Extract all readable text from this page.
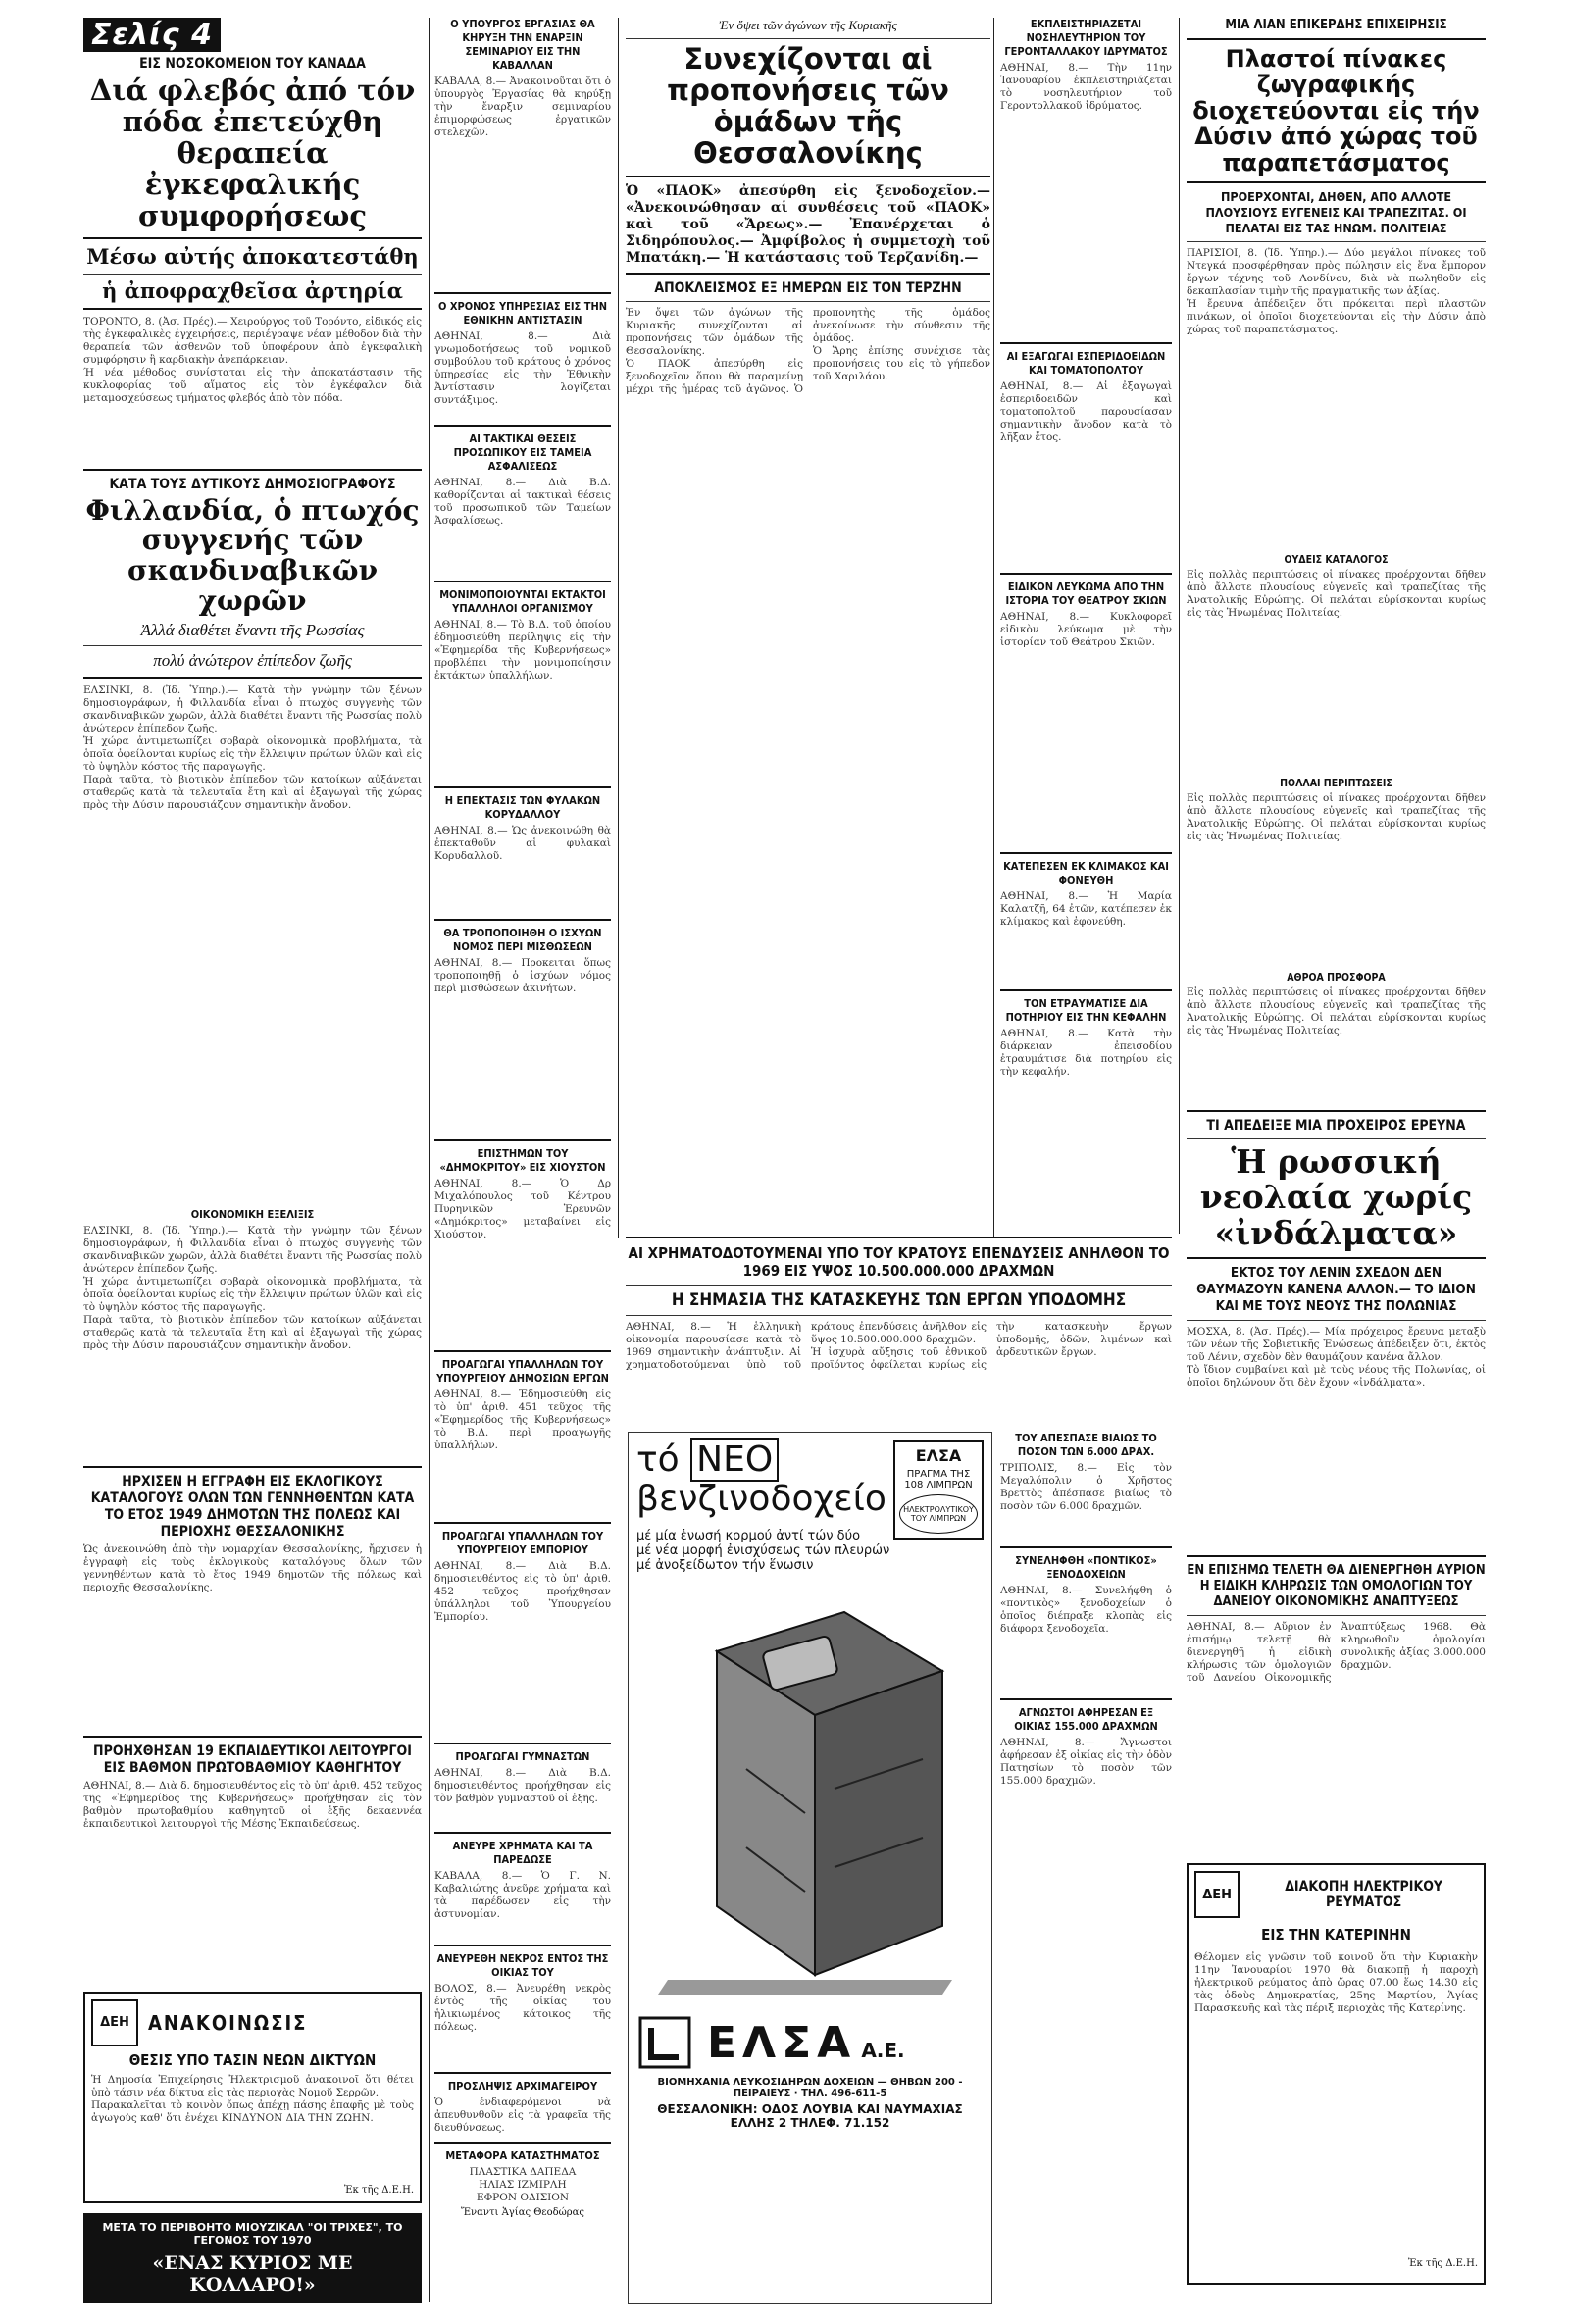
Σελίς 4
ΕΙΣ ΝΟΣΟΚΟΜΕΙΟΝ ΤΟΥ ΚΑΝΑΔΑ
Διά φλεβός ἀπό τόν πόδα ἐπετεύχθη θεραπεία ἐγκεφαλικής συμφορήσεως
Μέσω αὐτής ἀποκατεστάθη
ἡ ἀποφραχθεῖσα ἀρτηρία
ΤΟΡΟΝΤΟ, 8. (Ἀσ. Πρές).— Χειρούργος τοῦ Τορόντο, εἰδικός εἰς τὴς ἐγκεφαλικὲς ἐγχειρήσεις, περιέγραψε νέαν μέθοδον διὰ τὴν θεραπεία τῶν ἀσθενῶν τοῦ ὑποφέρουν ἀπὸ ἐγκεφαλικὴ συμφόρησιν ἢ καρδιακὴν ἀνεπάρκειαν.
Ή νέα μέθοδος συνίσταται εἰς τὴν ἀποκατάστασιν τῆς κυκλοφορίας τοῦ αἵματος εἰς τὸν ἐγκέφαλον διὰ μεταμοσχεύσεως τμήματος φλεβός ἀπὸ τὸν πόδα.
ΚΑΤΑ ΤΟΥΣ ΔΥΤΙΚΟΥΣ ΔΗΜΟΣΙΟΓΡΑΦΟΥΣ
Φιλλανδία, ὁ πτωχός συγγενής τῶν σκανδιναβικῶν χωρῶν
Ἀλλά διαθέτει ἔναντι τῆς Ρωσσίας
πολύ ἀνώτερον ἐπίπεδον ζωῆς
ΕΛΣΙΝΚΙ, 8. (Ἰδ. Ὑπηρ.).— Κατὰ τὴν γνώμην τῶν ξένων δημοσιογράφων, ἡ Φιλλανδία εἶναι ὁ πτωχὸς συγγενὴς τῶν σκανδιναβικῶν χωρῶν, ἀλλὰ διαθέτει ἔναντι τῆς Ρωσσίας πολὺ ἀνώτερον ἐπίπεδον ζωῆς.
Ἡ χώρα ἀντιμετωπίζει σοβαρὰ οἰκονομικὰ προβλήματα, τὰ ὁποῖα ὀφείλονται κυρίως εἰς τὴν ἔλλειψιν πρώτων ὑλῶν καὶ εἰς τὸ ὑψηλὸν κόστος τῆς παραγωγῆς.
Παρὰ ταῦτα, τὸ βιοτικὸν ἐπίπεδον τῶν κατοίκων αὐξάνεται σταθερῶς κατὰ τὰ τελευταῖα ἔτη καὶ αἱ ἐξαγωγαὶ τῆς χώρας πρὸς τὴν Δύσιν παρουσιάζουν σημαντικὴν ἄνοδον.
ΟΙΚΟΝΟΜΙΚΗ ΕΞΕΛΙΞΙΣ
ΕΛΣΙΝΚΙ, 8. (Ἰδ. Ὑπηρ.).— Κατὰ τὴν γνώμην τῶν ξένων δημοσιογράφων, ἡ Φιλλανδία εἶναι ὁ πτωχὸς συγγενὴς τῶν σκανδιναβικῶν χωρῶν, ἀλλὰ διαθέτει ἔναντι τῆς Ρωσσίας πολὺ ἀνώτερον ἐπίπεδον ζωῆς.
Ἡ χώρα ἀντιμετωπίζει σοβαρὰ οἰκονομικὰ προβλήματα, τὰ ὁποῖα ὀφείλονται κυρίως εἰς τὴν ἔλλειψιν πρώτων ὑλῶν καὶ εἰς τὸ ὑψηλὸν κόστος τῆς παραγωγῆς.
Παρὰ ταῦτα, τὸ βιοτικὸν ἐπίπεδον τῶν κατοίκων αὐξάνεται σταθερῶς κατὰ τὰ τελευταῖα ἔτη καὶ αἱ ἐξαγωγαὶ τῆς χώρας πρὸς τὴν Δύσιν παρουσιάζουν σημαντικὴν ἄνοδον.
ΗΡΧΙΣΕΝ Η ΕΓΓΡΑΦΗ ΕΙΣ ΕΚΛΟΓΙΚΟΥΣ ΚΑΤΑΛΟΓΟΥΣ ΟΛΩΝ ΤΩΝ ΓΕΝΝΗΘΕΝΤΩΝ ΚΑΤΑ ΤΟ ΕΤΟΣ 1949 ΔΗΜΟΤΩΝ ΤΗΣ ΠΟΛΕΩΣ ΚΑΙ ΠΕΡΙΟΧΗΣ ΘΕΣΣΑΛΟΝΙΚΗΣ
Ὡς ἀνεκοινώθη ἀπὸ τὴν νομαρχίαν Θεσσαλονίκης, ἤρχισεν ἡ ἐγγραφὴ εἰς τοὺς ἐκλογικοὺς καταλόγους ὅλων τῶν γεννηθέντων κατὰ τὸ ἔτος 1949 δημοτῶν τῆς πόλεως καὶ περιοχῆς Θεσσαλονίκης.
ΠΡΟΗΧΘΗΣΑΝ 19 ΕΚΠΑΙΔΕΥΤΙΚΟΙ ΛΕΙΤΟΥΡΓΟΙ ΕΙΣ ΒΑΘΜΟΝ ΠΡΩΤΟΒΑΘΜΙΟΥ ΚΑΘΗΓΗΤΟΥ
ΑΘΗΝΑΙ, 8.— Διὰ δ. δημοσιευθέντος εἰς τὸ ὑπ' ἀριθ. 452 τεῦχος τῆς «Ἐφημερίδος τῆς Κυβερνήσεως» προήχθησαν εἰς τὸν βαθμὸν πρωτοβαθμίου καθηγητοῦ οἱ ἑξῆς δεκαεννέα ἐκπαιδευτικοὶ λειτουργοὶ τῆς Μέσης Ἐκπαιδεύσεως.
ΔΕΗ ΑΝΑΚΟΙΝΩΣΙΣ
ΘΕΣΙΣ ΥΠΟ ΤΑΣΙΝ ΝΕΩΝ ΔΙΚΤΥΩΝ
Ἡ Δημοσία Ἐπιχείρησις Ἠλεκτρισμοῦ ἀνακοινοῖ ὅτι θέτει ὑπὸ τάσιν νέα δίκτυα εἰς τὰς περιοχὰς Νομοῦ Σερρῶν.
Παρακαλεῖται τὸ κοινὸν ὅπως ἀπέχῃ πάσης ἐπαφῆς μὲ τοὺς ἀγωγοὺς καθ' ὅτι ἐνέχει ΚΙΝΔΥΝΟΝ ΔΙΑ ΤΗΝ ΖΩΗΝ.
Ἐκ τῆς Δ.Ε.Η.
ΜΕΤΑ ΤΟ ΠΕΡΙΒΟΗΤΟ ΜΙΟΥΖΙΚΑΛ "ΟΙ ΤΡΙΧΕΣ", ΤΟ ΓΕΓΟΝΟΣ ΤΟΥ 1970
«ΕΝΑΣ ΚΥΡΙΟΣ ΜΕ ΚΟΛΛΑΡΟ!»
Ο ΥΠΟΥΡΓΟΣ ΕΡΓΑΣΙΑΣ ΘΑ ΚΗΡΥΞΗ ΤΗΝ ΕΝΑΡΞΙΝ ΣΕΜΙΝΑΡΙΟΥ ΕΙΣ ΤΗΝ ΚΑΒΑΛΛΑΝ
ΚΑΒΑΛΑ, 8.— Ἀνακοινοῦται ὅτι ὁ ὑπουργὸς Ἐργασίας θὰ κηρύξῃ τὴν ἔναρξιν σεμιναρίου ἐπιμορφώσεως ἐργατικῶν στελεχῶν.
Ο ΧΡΟΝΟΣ ΥΠΗΡΕΣΙΑΣ ΕΙΣ ΤΗΝ ΕΘΝΙΚΗΝ ΑΝΤΙΣΤΑΣΙΝ
ΑΘΗΝΑΙ, 8.— Διὰ γνωμοδοτήσεως τοῦ νομικοῦ συμβούλου τοῦ κράτους ὁ χρόνος ὑπηρεσίας εἰς τὴν Ἐθνικὴν Ἀντίστασιν λογίζεται συντάξιμος.
ΑΙ ΤΑΚΤΙΚΑΙ ΘΕΣΕΙΣ ΠΡΟΣΩΠΙΚΟΥ ΕΙΣ ΤΑΜΕΙΑ ΑΣΦΑΛΙΣΕΩΣ
ΑΘΗΝΑΙ, 8.— Διὰ Β.Δ. καθορίζονται αἱ τακτικαὶ θέσεις τοῦ προσωπικοῦ τῶν Ταμείων Ἀσφαλίσεως.
ΜΟΝΙΜΟΠΟΙΟΥΝΤΑΙ ΕΚΤΑΚΤΟΙ ΥΠΑΛΛΗΛΟΙ ΟΡΓΑΝΙΣΜΟΥ
ΑΘΗΝΑΙ, 8.— Τὸ Β.Δ. τοῦ ὁποίου ἐδημοσιεύθη περίληψις εἰς τὴν «Ἐφημερίδα τῆς Κυβερνήσεως» προβλέπει τὴν μονιμοποίησιν ἐκτάκτων ὑπαλλήλων.
Η ΕΠΕΚΤΑΣΙΣ ΤΩΝ ΦΥΛΑΚΩΝ ΚΟΡΥΔΑΛΛΟΥ
ΑΘΗΝΑΙ, 8.— Ὡς ἀνεκοινώθη θὰ ἐπεκταθοῦν αἱ φυλακαὶ Κορυδαλλοῦ.
ΘΑ ΤΡΟΠΟΠΟΙΗΘΗ Ο ΙΣΧΥΩΝ ΝΟΜΟΣ ΠΕΡΙ ΜΙΣΘΩΣΕΩΝ
ΑΘΗΝΑΙ, 8.— Προκειται ὅπως τροποποιηθῇ ὁ ἰσχύων νόμος περὶ μισθώσεων ἀκινήτων.
ΕΠΙΣΤΗΜΩΝ ΤΟΥ «ΔΗΜΟΚΡΙΤΟΥ» ΕΙΣ ΧΙΟΥΣΤΟΝ
ΑΘΗΝΑΙ, 8.— Ὁ Δρ Μιχαλόπουλος τοῦ Κέντρου Πυρηνικῶν Ἐρευνῶν «Δημόκριτος» μεταβαίνει εἰς Χιούστον.
ΠΡΟΑΓΩΓΑΙ ΥΠΑΛΛΗΛΩΝ ΤΟΥ ΥΠΟΥΡΓΕΙΟΥ ΔΗΜΟΣΙΩΝ ΕΡΓΩΝ
ΑΘΗΝΑΙ, 8.— Ἐδημοσιεύθη εἰς τὸ ὑπ' ἀριθ. 451 τεῦχος τῆς «Ἐφημερίδος τῆς Κυβερνήσεως» τὸ Β.Δ. περὶ προαγωγῆς ὑπαλλήλων.
ΠΡΟΑΓΩΓΑΙ ΥΠΑΛΛΗΛΩΝ ΤΟΥ ΥΠΟΥΡΓΕΙΟΥ ΕΜΠΟΡΙΟΥ
ΑΘΗΝΑΙ, 8.— Διὰ Β.Δ. δημοσιευθέντος εἰς τὸ ὑπ' ἀριθ. 452 τεῦχος προήχθησαν ὑπάλληλοι τοῦ Ὑπουργείου Ἐμπορίου.
ΠΡΟΑΓΩΓΑΙ ΓΥΜΝΑΣΤΩΝ
ΑΘΗΝΑΙ, 8.— Διὰ Β.Δ. δημοσιευθέντος προήχθησαν εἰς τὸν βαθμὸν γυμναστοῦ οἱ ἑξῆς.
ΑΝΕΥΡΕ ΧΡΗΜΑΤΑ ΚΑΙ ΤΑ ΠΑΡΕΔΩΣΕ
ΚΑΒΑΛΑ, 8.— Ὁ Γ. Ν. Καβαλιώτης ἀνεῦρε χρήματα καὶ τὰ παρέδωσεν εἰς τὴν ἀστυνομίαν.
ΑΝΕΥΡΕΘΗ ΝΕΚΡΟΣ ΕΝΤΟΣ ΤΗΣ ΟΙΚΙΑΣ ΤΟΥ
ΒΟΛΟΣ, 8.— Ἀνευρέθη νεκρὸς ἐντὸς τῆς οἰκίας του ἡλικιωμένος κάτοικος τῆς πόλεως.
ΠΡΟΣΛΗΨΙΣ ΑΡΧΙΜΑΓΕΙΡΟΥ
Ὁ ἐνδιαφερόμενοι νὰ ἀπευθυνθοῦν εἰς τὰ γραφεῖα τῆς διευθύνσεως.
ΜΕΤΑΦΟΡΑ ΚΑΤΑΣΤΗΜΑΤΟΣ
ΠΛΑΣΤΙΚΑ ΔΑΠΕΔΑ
ΗΛΙΑΣ ΙΖΜΙΡΛΗ
ΕΦΡΟΝ ΟΔΙΣΙΟΝ
Ἔναντι Ἁγίας Θεοδώρας
Ἐν ὄψει τῶν ἀγώνων τῆς Κυριακῆς
Συνεχίζονται αἱ προπονήσεις τῶν ὁμάδων τῆς Θεσσαλονίκης
Ὁ «ΠΑΟΚ» ἀπεσύρθη εἰς ξενοδοχεῖον.— «Ἀνεκοινώθησαν αἱ συνθέσεις τοῦ «ΠΑΟΚ» καὶ τοῦ «Ἄρεως».— Ἐπανέρχεται ὁ Σιδηρόπουλος.— Ἀμφίβολος ἡ συμμετοχὴ τοῦ Μπατάκη.— Ἡ κατάστασις τοῦ Τερζανίδη.—
ΑΠΟΚΛΕΙΣΜΟΣ ΕΞ ΗΜΕΡΩΝ ΕΙΣ ΤΟΝ ΤΕΡΖΗΝ
Ἐν ὄψει τῶν ἀγώνων τῆς Κυριακῆς συνεχίζονται αἱ προπονήσεις τῶν ὁμάδων τῆς Θεσσαλονίκης.
Ὁ ΠΑΟΚ ἀπεσύρθη εἰς ξενοδοχεῖον ὅπου θὰ παραμείνῃ μέχρι τῆς ἡμέρας τοῦ ἀγῶνος. Ὁ προπονητὴς τῆς ὁμάδος ἀνεκοίνωσε τὴν σύνθεσιν τῆς ὁμάδος.
Ὁ Ἄρης ἐπίσης συνέχισε τὰς προπονήσεις του εἰς τὸ γήπεδον τοῦ Χαριλάου.
ΕΚΠΛΕΙΣΤΗΡΙΑΖΕΤΑΙ ΝΟΣΗΛΕΥΤΗΡΙΟΝ ΤΟΥ ΓΕΡΟΝΤΑΛΛΑΚΟΥ ΙΔΡΥΜΑΤΟΣ
ΑΘΗΝΑΙ, 8.— Τὴν 11ην Ἰανουαρίου ἐκπλειστηριάζεται τὸ νοσηλευτήριον τοῦ Γεροντολλακοῦ ἱδρύματος.
ΑΙ ΕΞΑΓΩΓΑΙ ΕΣΠΕΡΙΔΟΕΙΔΩΝ ΚΑΙ ΤΟΜΑΤΟΠΟΛΤΟΥ
ΑΘΗΝΑΙ, 8.— Αἱ ἐξαγωγαὶ ἐσπεριδοειδῶν καὶ τοματοπολτοῦ παρουσίασαν σημαντικὴν ἄνοδον κατὰ τὸ λῆξαν ἔτος.
ΕΙΔΙΚΟΝ ΛΕΥΚΩΜΑ ΑΠΟ ΤΗΝ ΙΣΤΟΡΙΑ ΤΟΥ ΘΕΑΤΡΟΥ ΣΚΙΩΝ
ΑΘΗΝΑΙ, 8.— Κυκλοφορεῖ εἰδικὸν λεύκωμα μὲ τὴν ἱστορίαν τοῦ Θεάτρου Σκιῶν.
ΚΑΤΕΠΕΣΕΝ ΕΚ ΚΛΙΜΑΚΟΣ ΚΑΙ ΦΟΝΕΥΘΗ
ΑΘΗΝΑΙ, 8.— Ἡ Μαρία Καλατζῆ, 64 ἐτῶν, κατέπεσεν ἐκ κλίμακος καὶ ἐφονεύθη.
ΤΟΝ ΕΤΡΑΥΜΑΤΙΣΕ ΔΙΑ ΠΟΤΗΡΙΟΥ ΕΙΣ ΤΗΝ ΚΕΦΑΛΗΝ
ΑΘΗΝΑΙ, 8.— Κατὰ τὴν διάρκειαν ἐπεισοδίου ἐτραυμάτισε διὰ ποτηρίου εἰς τὴν κεφαλήν.
ΜΙΑ ΛΙΑΝ ΕΠΙΚΕΡΔΗΣ ΕΠΙΧΕΙΡΗΣΙΣ
Πλαστοί πίνακες ζωγραφικής διοχετεύονται εἰς τήν Δύσιν ἀπό χώρας τοῦ παραπετάσματος
ΠΡΟΕΡΧΟΝΤΑΙ, ΔΗΘΕΝ, ΑΠΟ ΑΛΛΟΤΕ ΠΛΟΥΣΙΟΥΣ ΕΥΓΕΝΕΙΣ ΚΑΙ ΤΡΑΠΕΖΙΤΑΣ. ΟΙ ΠΕΛΑΤΑΙ ΕΙΣ ΤΑΣ ΗΝΩΜ. ΠΟΛΙΤΕΙΑΣ
ΠΑΡΙΣΙΟΙ, 8. (Ἰδ. Ὑπηρ.).— Δύο μεγάλοι πίνακες τοῦ Ντεγκά προσφέρθησαν πρὸς πώλησιν εἰς ἕνα ἔμπορον ἔργων τέχνης τοῦ Λονδίνου, διὰ νὰ πωληθοῦν εἰς δεκαπλασίαν τιμὴν τῆς πραγματικῆς των ἀξίας.
Ἡ ἔρευνα ἀπέδειξεν ὅτι πρόκειται περὶ πλαστῶν πινάκων, οἱ ὁποῖοι διοχετεύονται εἰς τὴν Δύσιν ἀπὸ χώρας τοῦ παραπετάσματος.
ΟΥΔΕΙΣ ΚΑΤΑΛΟΓΟΣ
Εἰς πολλὰς περιπτώσεις οἱ πίνακες προέρχονται δῆθεν ἀπὸ ἄλλοτε πλουσίους εὐγενεῖς καὶ τραπεζίτας τῆς Ἀνατολικῆς Εὐρώπης. Οἱ πελάται εὑρίσκονται κυρίως εἰς τὰς Ἡνωμένας Πολιτείας.
ΠΟΛΛΑΙ ΠΕΡΙΠΤΩΣΕΙΣ
Εἰς πολλὰς περιπτώσεις οἱ πίνακες προέρχονται δῆθεν ἀπὸ ἄλλοτε πλουσίους εὐγενεῖς καὶ τραπεζίτας τῆς Ἀνατολικῆς Εὐρώπης. Οἱ πελάται εὑρίσκονται κυρίως εἰς τὰς Ἡνωμένας Πολιτείας.
ΑΘΡΟΑ ΠΡΟΣΦΟΡΑ
Εἰς πολλὰς περιπτώσεις οἱ πίνακες προέρχονται δῆθεν ἀπὸ ἄλλοτε πλουσίους εὐγενεῖς καὶ τραπεζίτας τῆς Ἀνατολικῆς Εὐρώπης. Οἱ πελάται εὑρίσκονται κυρίως εἰς τὰς Ἡνωμένας Πολιτείας.
ΤΙ ΑΠΕΔΕΙΞΕ ΜΙΑ ΠΡΟΧΕΙΡΟΣ ΕΡΕΥΝΑ
Ἡ ρωσσική νεολαία χωρίς «ἰνδάλματα»
ΕΚΤΟΣ ΤΟΥ ΛΕΝΙΝ ΣΧΕΔΟΝ ΔΕΝ ΘΑΥΜΑΖΟΥΝ ΚΑΝΕΝΑ ΑΛΛΟΝ.— ΤΟ ΙΔΙΟΝ ΚΑΙ ΜΕ ΤΟΥΣ ΝΕΟΥΣ ΤΗΣ ΠΟΛΩΝΙΑΣ
ΜΟΣΧΑ, 8. (Ἀσ. Πρές).— Μία πρόχειρος ἔρευνα μεταξὺ τῶν νέων τῆς Σοβιετικῆς Ἑνώσεως ἀπέδειξεν ὅτι, ἐκτὸς τοῦ Λένιν, σχεδὸν δὲν θαυμάζουν κανένα ἄλλον.
Τὸ ἴδιον συμβαίνει καὶ μὲ τοὺς νέους τῆς Πολωνίας, οἱ ὁποῖοι δηλώνουν ὅτι δὲν ἔχουν «ἰνδάλματα».
ΑΙ ΧΡΗΜΑΤΟΔΟΤΟΥΜΕΝΑΙ ΥΠΟ ΤΟΥ ΚΡΑΤΟΥΣ ΕΠΕΝΔΥΣΕΙΣ ΑΝΗΛΘΟΝ ΤΟ 1969 ΕΙΣ ΥΨΟΣ 10.500.000.000 ΔΡΑΧΜΩΝ
Η ΣΗΜΑΣΙΑ ΤΗΣ ΚΑΤΑΣΚΕΥΗΣ ΤΩΝ ΕΡΓΩΝ ΥΠΟΔΟΜΗΣ
ΑΘΗΝΑΙ, 8.— Ἡ ἑλληνικὴ οἰκονομία παρουσίασε κατὰ τὸ 1969 σημαντικὴν ἀνάπτυξιν. Αἱ χρηματοδοτούμεναι ὑπὸ τοῦ κράτους ἐπενδύσεις ἀνῆλθον εἰς ὕψος 10.500.000.000 δραχμῶν.
Ἡ ἰσχυρὰ αὔξησις τοῦ ἐθνικοῦ προϊόντος ὀφείλεται κυρίως εἰς τὴν κατασκευὴν ἔργων ὑποδομῆς, ὁδῶν, λιμένων καὶ ἀρδευτικῶν ἔργων.
ΤΟΥ ΑΠΕΣΠΑΣΕ ΒΙΑΙΩΣ ΤΟ ΠΟΣΟΝ ΤΩΝ 6.000 ΔΡΑΧ.
ΤΡΙΠΟΛΙΣ, 8.— Εἰς τὸν Μεγαλόπολιν ὁ Χρῆστος Βρεττὸς ἀπέσπασε βιαίως τὸ ποσὸν τῶν 6.000 δραχμῶν.
ΣΥΝΕΛΗΦΘΗ «ΠΟΝΤΙΚΟΣ» ΞΕΝΟΔΟΧΕΙΩΝ
ΑΘΗΝΑΙ, 8.— Συνελήφθη ὁ «ποντικὸς» ξενοδοχείων ὁ ὁποῖος διέπραξε κλοπὰς εἰς διάφορα ξενοδοχεῖα.
ΑΓΝΩΣΤΟΙ ΑΦΗΡΕΣΑΝ ΕΞ ΟΙΚΙΑΣ 155.000 ΔΡΑΧΜΩΝ
ΑΘΗΝΑΙ, 8.— Ἄγνωστοι ἀφήρεσαν ἐξ οἰκίας εἰς τὴν ὁδὸν Πατησίων τὸ ποσὸν τῶν 155.000 δραχμῶν.
τό ΝΕΟ
βενζινοδοχείο
μέ μία ἑνωσή κορμού ἀντί τών δύο
μέ νέα μορφή ἐνισχύσεως τών πλευρών
μέ ἀνοξείδωτον τήν ἕνωσιν
ΕΛΣΑ
ΠΡΑΓΜΑ ΤΗΣ 108 ΛΙΜΠΡΩΝ
ΗΛΕΚΤΡΟΛΥΤΙΚΟΥ ΤΟΥ ΛΙΜΠΡΩΝ
ΕΛΣΑ Α.Ε.
ΒΙΟΜΗΧΑΝΙΑ ΛΕΥΚΟΣΙΔΗΡΩΝ ΔΟΧΕΙΩΝ — ΘΗΒΩΝ 200 - ΠΕΙΡΑΙΕΥΣ · ΤΗΛ. 496-611-5
ΘΕΣΣΑΛΟΝΙΚΗ: ΟΔΟΣ ΛΟΥΒΙΑ ΚΑΙ ΝΑΥΜΑΧΙΑΣ ΕΛΛΗΣ 2 ΤΗΛΕΦ. 71.152
ΕΝ ΕΠΙΣΗΜΩ ΤΕΛΕΤΗ ΘΑ ΔΙΕΝΕΡΓΗΘΗ ΑΥΡΙΟΝ Η ΕΙΔΙΚΗ ΚΛΗΡΩΣΙΣ ΤΩΝ ΟΜΟΛΟΓΙΩΝ ΤΟΥ ΔΑΝΕΙΟΥ ΟΙΚΟΝΟΜΙΚΗΣ ΑΝΑΠΤΥΞΕΩΣ
ΑΘΗΝΑΙ, 8.— Αὔριον ἐν ἐπισήμῳ τελετῇ θὰ διενεργηθῇ ἡ εἰδικὴ κλήρωσις τῶν ὁμολογιῶν τοῦ Δανείου Οἰκονομικῆς Ἀναπτύξεως 1968. Θὰ κληρωθοῦν ὁμολογίαι συνολικῆς ἀξίας 3.000.000 δραχμῶν.
ΔΕΗ	ΔΙΑΚΟΠΗ ΗΛΕΚΤΡΙΚΟΥ ΡΕΥΜΑΤΟΣ
ΕΙΣ ΤΗΝ ΚΑΤΕΡΙΝΗΝ
Θέλομεν εἰς γνῶσιν τοῦ κοινοῦ ὅτι τὴν Κυριακὴν 11ην Ἰανουαρίου 1970 θὰ διακοπῇ ἡ παροχὴ ἠλεκτρικοῦ ρεύματος ἀπὸ ὥρας 07.00 ἕως 14.30 εἰς τὰς ὁδοὺς Δημοκρατίας, 25ης Μαρτίου, Ἁγίας Παρασκευῆς καὶ τὰς πέριξ περιοχὰς τῆς Κατερίνης.
Ἐκ τῆς Δ.Ε.Η.
